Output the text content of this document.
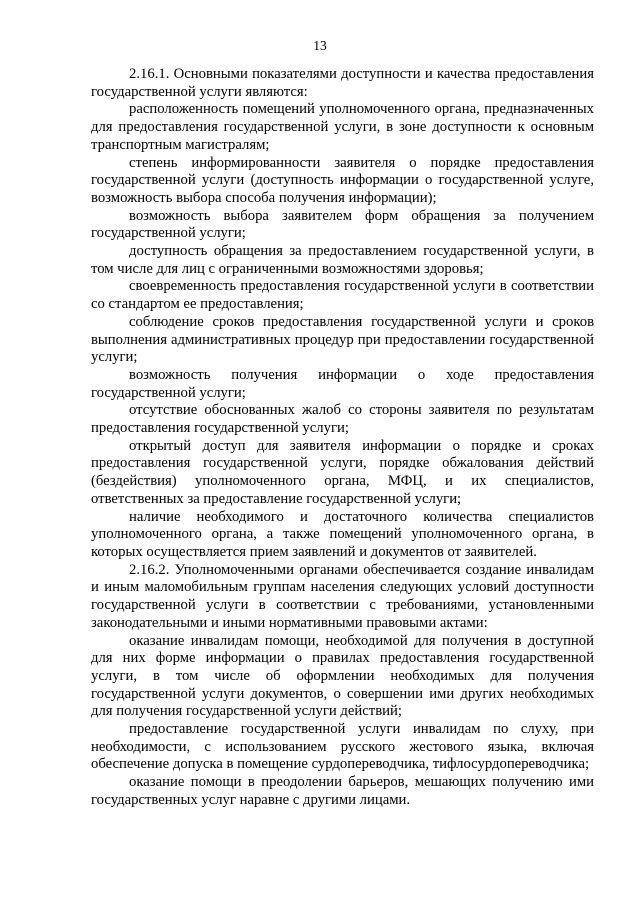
13

2.16.1. Основными показателями доступности и качества предоставления государственной услуги являются:

расположенность помещений уполномоченного органа, предназначенных для предоставления государственной услуги, в зоне доступности к основным транспортным магистралям;

степень информированности заявителя о порядке предоставления государственной услуги (доступность информации о государственной услуге, возможность выбора способа получения информации);

возможность выбора заявителем форм обращения за получением государственной услуги;

доступность обращения за предоставлением государственной услуги, в том числе для лиц с ограниченными возможностями здоровья;

своевременность предоставления государственной услуги в соответствии со стандартом ее предоставления;

соблюдение сроков предоставления государственной услуги и сроков выполнения административных процедур при предоставлении государственной услуги;

возможность получения информации о ходе предоставления государственной услуги;

отсутствие обоснованных жалоб со стороны заявителя по результатам предоставления государственной услуги;

открытый доступ для заявителя информации о порядке и сроках предоставления государственной услуги, порядке обжалования действий (бездействия) уполномоченного органа, МФЦ, и их специалистов, ответственных за предоставление государственной услуги;

наличие необходимого и достаточного количества специалистов уполномоченного органа, а также помещений уполномоченного органа, в которых осуществляется прием заявлений и документов от заявителей.

2.16.2. Уполномоченными органами обеспечивается создание инвалидам и иным маломобильным группам населения следующих условий доступности государственной услуги в соответствии с требованиями, установленными законодательными и иными нормативными правовыми актами:

оказание инвалидам помощи, необходимой для получения в доступной для них форме информации о правилах предоставления государственной услуги, в том числе об оформлении необходимых для получения государственной услуги документов, о совершении ими других необходимых для получения государственной услуги действий;

предоставление государственной услуги инвалидам по слуху, при необходимости, с использованием русского жестового языка, включая обеспечение допуска в помещение сурдопереводчика, тифлосурдопереводчика;

оказание помощи в преодолении барьеров, мешающих получению ими государственных услуг наравне с другими лицами.
